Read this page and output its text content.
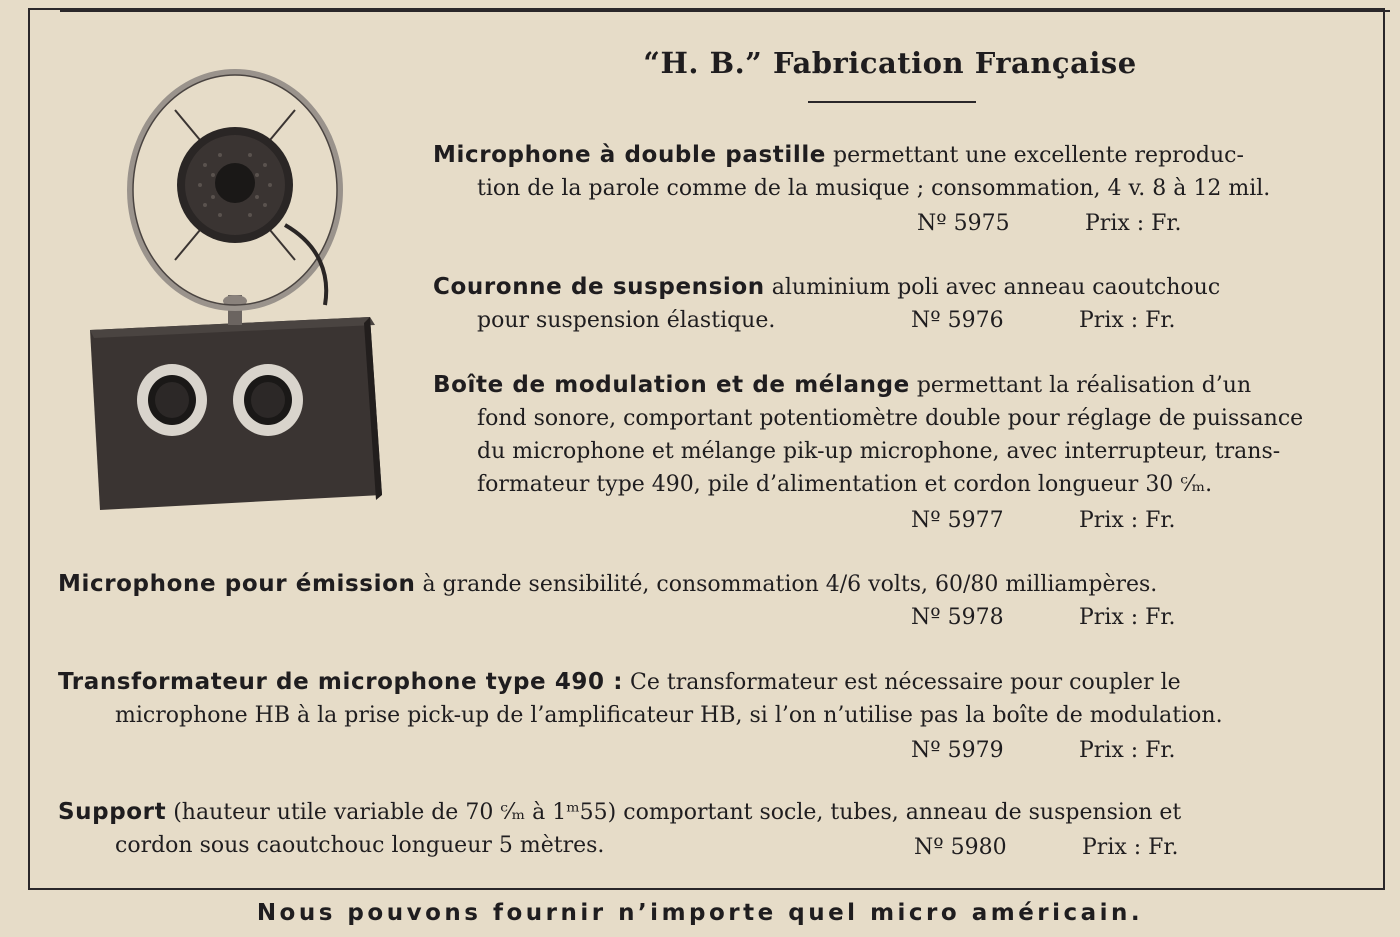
“H. B.” Fabrication Française
Microphone à double pastille permettant une excellente reproduc-
tion de la parole comme de la musique ; consommation, 4 v. 8 à 12 mil.
Nº 5975	Prix : Fr.
Couronne de suspension aluminium poli avec anneau caoutchouc
pour suspension élastique.	Nº 5976	Prix : Fr.
Boîte de modulation et de mélange permettant la réalisation d’un
fond sonore, comportant potentiomètre double pour réglage de puissance
du microphone et mélange pik-up microphone, avec interrupteur, trans-
formateur type 490, pile d’alimentation et cordon longueur 30 ᶜ⁄ₘ.
Nº 5977	Prix : Fr.
Microphone pour émission à grande sensibilité, consommation 4/6 volts, 60/80 milliampères.
Nº 5978	Prix : Fr.
Transformateur de microphone type 490 : Ce transformateur est nécessaire pour coupler le
microphone HB à la prise pick-up de l’amplificateur HB, si l’on n’utilise pas la boîte de modulation.
Nº 5979	Prix : Fr.
Support (hauteur utile variable de 70 ᶜ⁄ₘ à 1ᵐ55) comportant socle, tubes, anneau de suspension et
cordon sous caoutchouc longueur 5 mètres.	Nº 5980	Prix : Fr.
Nous pouvons fournir n’importe quel micro américain.
